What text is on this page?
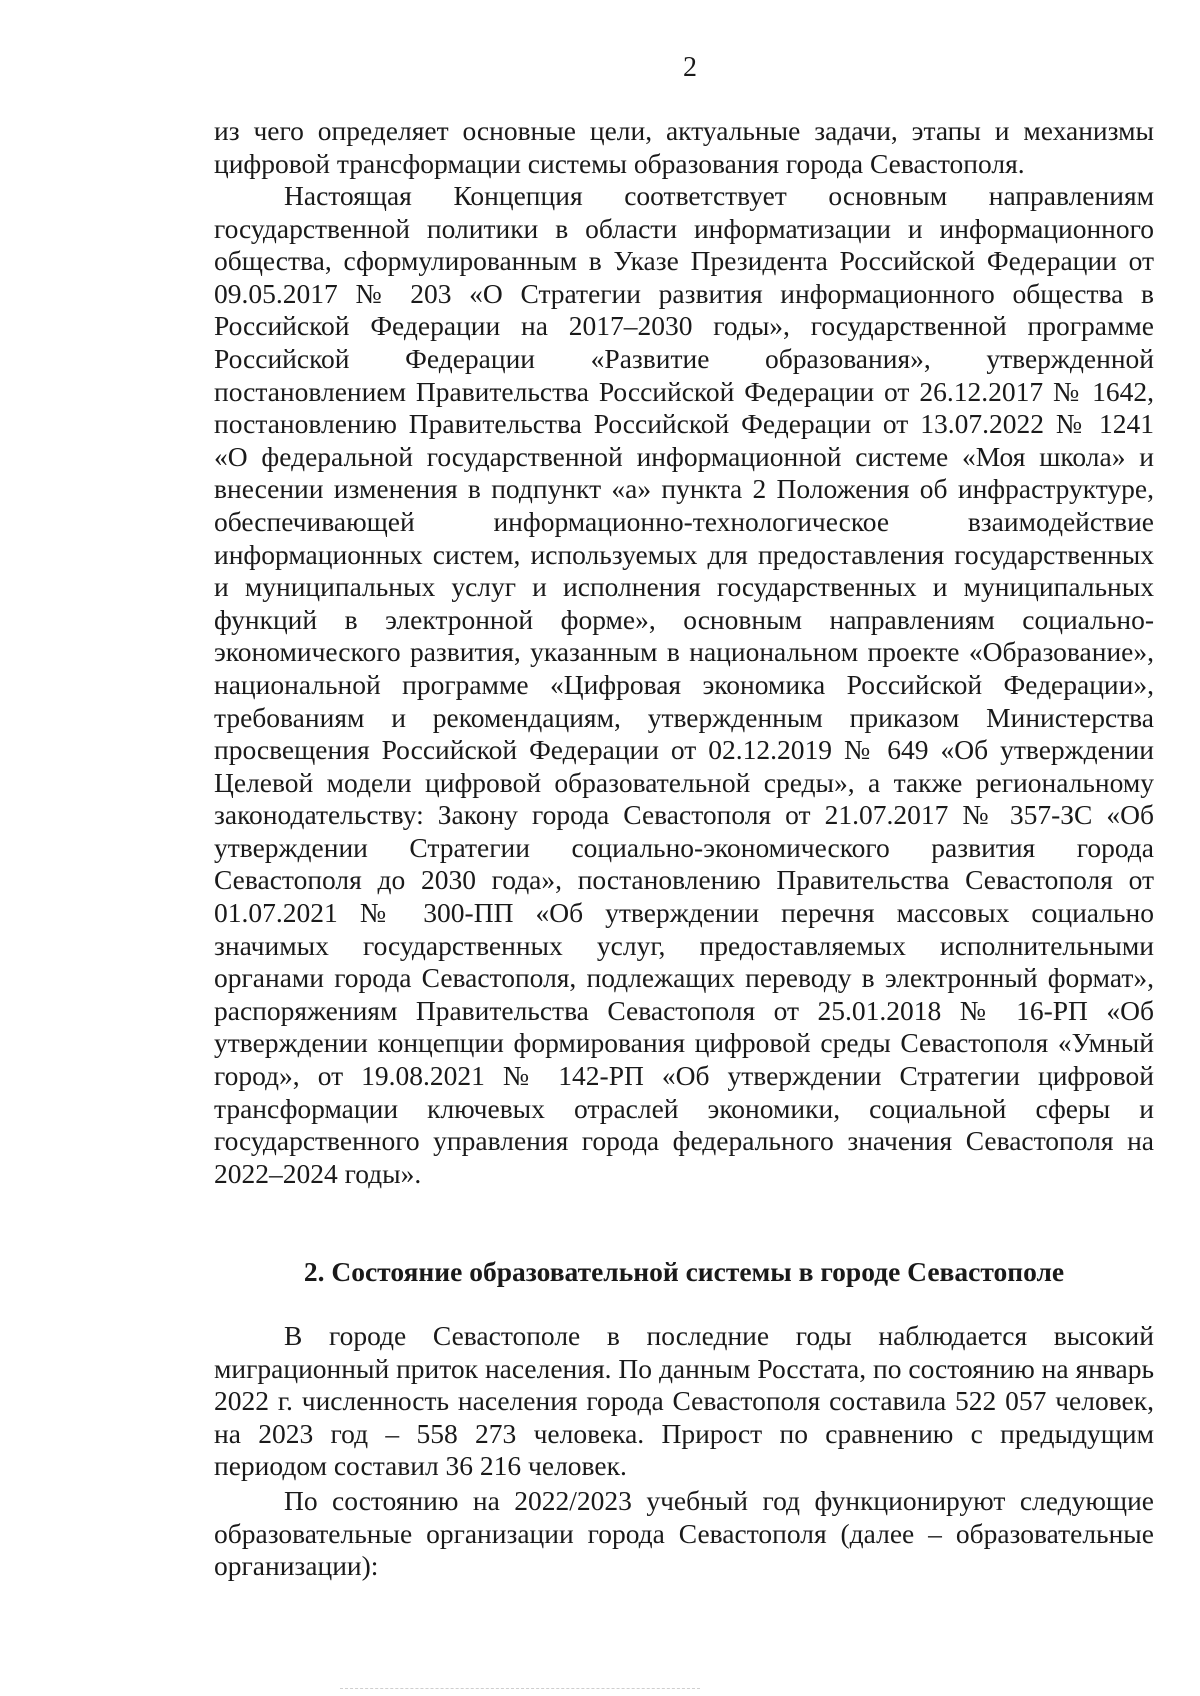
2

из чего определяет основные цели, актуальные задачи, этапы и механизмы цифровой трансформации системы образования города Севастополя.

Настоящая Концепция соответствует основным направлениям государственной политики в области информатизации и информационного общества, сформулированным в Указе Президента Российской Федерации от 09.05.2017 № 203 «О Стратегии развития информационного общества в Российской Федерации на 2017–2030 годы», государственной программе Российской Федерации «Развитие образования», утвержденной постановлением Правительства Российской Федерации от 26.12.2017 № 1642, постановлению Правительства Российской Федерации от 13.07.2022 № 1241 «О федеральной государственной информационной системе «Моя школа» и внесении изменения в подпункт «а» пункта 2 Положения об инфраструктуре, обеспечивающей информационно-технологическое взаимодействие информационных систем, используемых для предоставления государственных и муниципальных услуг и исполнения государственных и муниципальных функций в электронной форме», основным направлениям социально-экономического развития, указанным в национальном проекте «Образование», национальной программе «Цифровая экономика Российской Федерации», требованиям и рекомендациям, утвержденным приказом Министерства просвещения Российской Федерации от 02.12.2019 № 649 «Об утверждении Целевой модели цифровой образовательной среды», а также региональному законодательству: Закону города Севастополя от 21.07.2017 № 357-ЗС «Об утверждении Стратегии социально-экономического развития города Севастополя до 2030 года», постановлению Правительства Севастополя от 01.07.2021 № 300-ПП «Об утверждении перечня массовых социально значимых государственных услуг, предоставляемых исполнительными органами города Севастополя, подлежащих переводу в электронный формат», распоряжениям Правительства Севастополя от 25.01.2018 № 16-РП «Об утверждении концепции формирования цифровой среды Севастополя «Умный город», от 19.08.2021 № 142-РП «Об утверждении Стратегии цифровой трансформации ключевых отраслей экономики, социальной сферы и государственного управления города федерального значения Севастополя на 2022–2024 годы».

2. Состояние образовательной системы в городе Севастополе

В городе Севастополе в последние годы наблюдается высокий миграционный приток населения. По данным Росстата, по состоянию на январь 2022 г. численность населения города Севастополя составила 522 057 человек, на 2023 год – 558 273 человека. Прирост по сравнению с предыдущим периодом составил 36 216 человек.

По состоянию на 2022/2023 учебный год функционируют следующие образовательные организации города Севастополя (далее – образовательные организации):
